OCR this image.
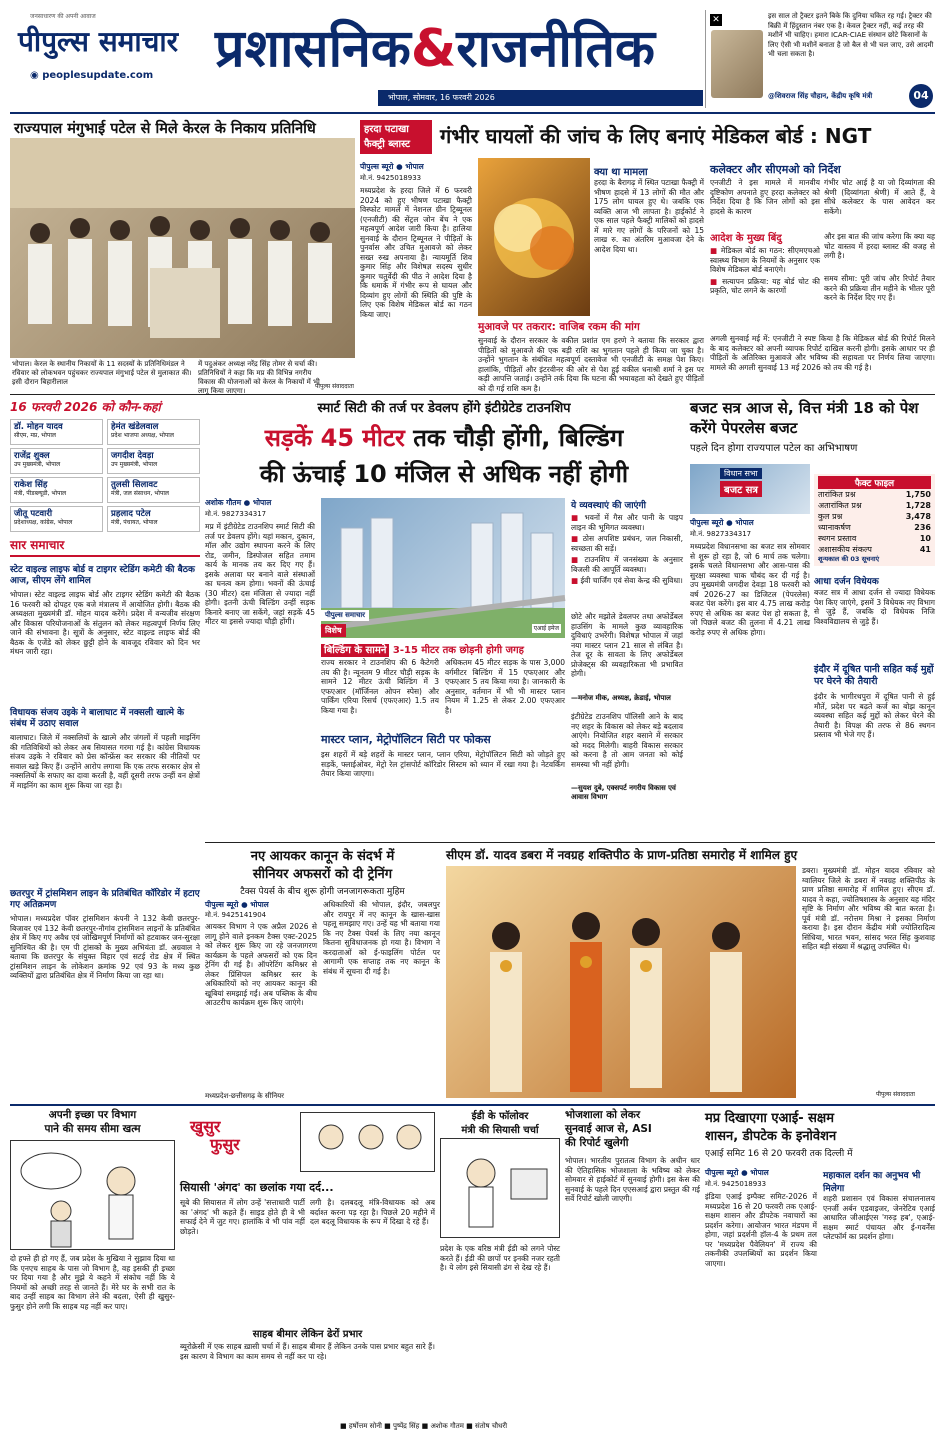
जनसाधारण की अपनी आवाज
पीपुल्स समाचार
◉ peoplesupdate.com प्रशासनिक&राजनीतिक
भोपाल, सोमवार, 16 फरवरी 2026
✕	इस साल तो ट्रैक्टर इतने बिके कि दुनिया चकित रह गई। ट्रैक्टर की बिक्री में हिंदुस्तान नंबर एक है। केवल ट्रैक्टर नहीं, कई तरह की मशीनें भी चाहिए। हमारा ICAR-CIAE संस्थान छोटे किसानों के लिए ऐसी भी मशीनें बनाता है जो बैल से भी चल जाए, उसे आदमी भी चला सकता है।
@शिवराज सिंह चौहान, केंद्रीय कृषि मंत्री	04
राज्यपाल मंगुभाई पटेल से मिले केरल के निकाय प्रतिनिधि
भोपाल। केरल के स्थानीय निकायों के 11 सदस्यों के प्रतिनिधिमंडल ने रविवार को लोकभवन पहुंचकर राज्यपाल मंगुभाई पटेल से मुलाकात की। इसी दौरान बिहारीलाल
में पदुअंकर अध्यक्ष नरेंद्र सिंह तोमर से चर्चा की। प्रतिनिधियों ने कहा कि मप्र की विभिन्न नगरीय विकास की योजनाओं को केरल के निकायों में भी लागू किया जाएगा।
पीपुल्स संवाददाता
हरदा पटाखा
फैक्ट्री ब्लास्ट	गंभीर घायलों की जांच के लिए बनाएं मेडिकल बोर्ड : NGT
पीपुल्स ब्यूरो ● भोपाल
मो.नं. 9425018933
मध्यप्रदेश के हरदा जिले में 6 फरवरी 2024 को हुए भीषण पटाखा फैक्ट्री विस्फोट मामले में नेशनल ग्रीन ट्रिब्यूनल (एनजीटी) की सेंट्रल जोन बेंच ने एक महत्वपूर्ण आदेश जारी किया है। हालिया सुनवाई के दौरान ट्रिब्यूनल ने पीड़ितों के पुनर्वास और उचित मुआवजे को लेकर सख्त रुख अपनाया है। न्यायमूर्ति शिव कुमार सिंह और विशेषज्ञ सदस्य सुधीर कुमार चतुर्वेदी की पीठ ने आदेश दिया है कि धमाके में गंभीर रूप से घायल और दिव्यांग हुए लोगों की स्थिति की पुष्टि के लिए एक विशेष मेडिकल बोर्ड का गठन किया जाए।
क्या था मामला
हरदा के बैरागढ़ में स्थित पटाखा फैक्ट्री में भीषण हादसे में 13 लोगों की मौत और 175 लोग घायल हुए थे। जबकि एक व्यक्ति आज भी लापता है। हाईकोर्ट ने एक साल पहले फैक्ट्री मालिकों को हादसे में मारे गए लोगों के परिजनों को 15 लाख रु. का अंतरिम मुआवजा देने के आदेश दिया था।
मुआवजे पर तकरार: वाजिब रकम की मांग
सुनवाई के दौरान सरकार के वकील प्रशांत एम हरणे ने बताया कि सरकार द्वारा पीड़ितों को मुआवजे की एक बड़ी राशि का भुगतान पहले ही किया जा चुका है। उन्होंने भुगतान के संबंधित महत्वपूर्ण दस्तावेज भी एनजीटी के समक्ष पेश किए। हालांकि, पीड़ितों और इंटरवीनर की ओर से पेश हुई वकील धनाश्री शर्मा ने इस पर कड़ी आपत्ति जताई। उन्होंने तर्क दिया कि घटना की भयावहता को देखते हुए पीड़ितों को दी गई राशि कम है।
कलेक्टर और सीएमओ को निर्देश
एनजीटी ने इस मामले में मानवीय दृष्टिकोण अपनाते हुए हरदा कलेक्टर को निर्देश दिया है कि जिन लोगों को इस हादसे के कारण
गंभीर चोट आई है या जो दिव्यांगता की श्रेणी (दिव्यांगता श्रेणी) में आते हैं, वे सीधे कलेक्टर के पास आवेदन कर सकेंगे।
आदेश के मुख्य बिंदु
■ मेडिकल बोर्ड का गठन: सीएमएचओ स्वास्थ्य विभाग के नियमों के अनुसार एक विशेष मेडिकल बोर्ड बनाएंगे।
■ सत्यापन प्रक्रिया: यह बोर्ड चोट की प्रकृति, चोट लगने के कारणों
और इस बात की जांच करेगा कि क्या यह चोट वास्तव में हरदा ब्लास्ट की वजह से लगी है।
समय सीमा: पूरी जांच और रिपोर्ट तैयार करने की प्रक्रिया तीन महीने के भीतर पूरी करने के निर्देश दिए गए हैं।
अगली सुनवाई मई में: एनजीटी ने स्पष्ट किया है कि मेडिकल बोर्ड की रिपोर्ट मिलने के बाद कलेक्टर को अपनी व्यापक रिपोर्ट दाखिल करनी होगी। इसके आधार पर ही पीड़ितों के अतिरिक्त मुआवजे और भविष्य की सहायता पर निर्णय लिया जाएगा। मामले की अगली सुनवाई 13 मई 2026 को तय की गई है।
16 फरवरी 2026 को कौन-कहां
डॉ. मोहन यादव
सीएम, मप्र, भोपाल
हेमंत खंडेलवाल
प्रदेश भाजपा अध्यक्ष, भोपाल
राजेंद्र शुक्ल
उप मुख्यमंत्री, भोपाल
जगदीश देवड़ा
उप मुख्यमंत्री, भोपाल
राकेश सिंह
मंत्री, पीडब्ल्यूडी, भोपाल
तुलसी सिलावट
मंत्री, जल संसाधन, भोपाल
जीतू पटवारी
प्रदेशाध्यक्ष, कांग्रेस, भोपाल
प्रहलाद पटेल
मंत्री, पंचायत, भोपाल
सार समाचार
स्टेट वाइल्ड लाइफ बोर्ड व टाइगर स्टेडिंग कमेटी की बैठक आज, सीएम लेंगे शामिल
भोपाल। स्टेट वाइल्ड लाइफ बोर्ड और टाइगर स्टेडिंग कमेटी की बैठक 16 फरवरी को दोपहर एक बजे मंत्रालय में आयोजित होगी। बैठक की अध्यक्षता मुख्यमंत्री डॉ. मोहन यादव करेंगे। प्रदेश में वन्यजीव संरक्षण और विकास परियोजनाओं के संतुलन को लेकर महत्वपूर्ण निर्णय लिए जाने की संभावना है। सूत्रों के अनुसार, स्टेट वाइल्ड लाइफ बोर्ड की बैठक के एजेंडे को लेकर छुट्टी होने के बावजूद रविवार को दिन भर मंथन जारी रहा।
विधायक संजय उइके ने बालाघाट में नक्सली खात्मे के संबंध में उठाए सवाल
बालाघाट। जिले में नक्सलियों के खात्मे और जंगलों में पहली माइनिंग की गतिविधियों को लेकर अब सियासत गरमा गई है। कांग्रेस विधायक संजय उइके ने रविवार को प्रेस कॉन्फ्रेंस कर सरकार की नीतियों पर सवाल खड़े किए हैं। उन्होंने आरोप लगाया कि एक तरफ सरकार क्षेत्र से नक्सलियों के सफाए का दावा करती है, वहीं दूसरी तरफ उन्हीं वन क्षेत्रों में माइनिंग का काम शुरू किया जा रहा है।
छतरपुर में ट्रांसमिशन लाइन के प्रतिबंधित कॉरिडोर में हटाए गए अतिक्रमण
भोपाल। मध्यप्रदेश पॉवर ट्रांसमिशन कंपनी ने 132 केवी छतरपुर-बिजावर एवं 132 केवी छतरपुर-नौगांव ट्रांसमिशन लाइनों के प्रतिबंधित क्षेत्र में किए गए अवैध एवं जोखिमपूर्ण निर्माणों को हटवाकर जन-सुरक्षा सुनिश्चित की है। एम पी ट्रांसको के मुख्य अभियंता डॉ. अग्रवाल ने बताया कि छतरपुर के संयुक्त विहार एवं सटई रोड क्षेत्र में स्थित ट्रांसमिशन लाइन के लोकेशन क्रमांक 92 एवं 93 के मध्य कुछ व्यक्तियों द्वारा प्रतिबंधित क्षेत्र में निर्माण किया जा रहा था।
स्मार्ट सिटी की तर्ज पर डेवलप होंगे इंटीग्रेटेड टाउनशिप
सड़कें 45 मीटर तक चौड़ी होंगी, बिल्डिंग
की ऊंचाई 10 मंजिल से अधिक नहीं होगी
अशोक गौतम ● भोपाल
मो.नं. 9827334317
मप्र में इंटीग्रेटेड टाउनशिप स्मार्ट सिटी की तर्ज पर डेवलप होंगे। यहां मकान, दुकान, मॉल और उद्योग स्थापना करने के लिए रोड, जमीन, डिस्पोजल सहित तमाम कार्य के मानक तय कर दिए गए हैं। इसके अलावा घर बनाने वाले संस्थाओं का घनत्व कम होगा। भवनों की ऊंचाई (30 मीटर) दस मंजिला से ज्यादा नहीं होगी। इतनी ऊंची बिल्डिंग उन्हीं सड़क किनारे बनाए जा सकेंगे, जहां सड़कें 45 मीटर या इससे ज्यादा चौड़ी होंगी।
पीपुल्स समाचार
विशेष	एआई इमेज
बिल्डिंग के सामने 3-15 मीटर तक छोड़नी होगी जगह
राज्य सरकार ने टाउनशिप की 6 कैटेगरी तय की है। न्यूनतम 9 मीटर चौड़ी सड़क के सामने 12 मीटर ऊंची बिल्डिंग में 3 एफएआर (मॉर्जिनल ओपन स्पेस) और पार्किंग एरिया रिसर्च (एफएआर) 1.5 तय किया गया है।
अधिकतम 45 मीटर सड़क के पास 3,000 वर्गमीटर बिल्डिंग में 15 एफएआर और एफएआर 5 तय किया गया है। जानकारी के अनुसार, वर्तमान में भी भी मास्टर प्लान नियम में 1.25 से लेकर 2.00 एफएआर है।
ये व्यवस्थाएं की जाएंगी
■ भवनों में गैस और पानी के पाइप लाइन की भूमिगत व्यवस्था।
■ ठोस अपशिष्ट प्रबंधन, जल निकासी, स्वच्छता की सड़ें।
■ टाउनशिप में जनसंख्या के अनुसार बिजली की आपूर्ति व्यवस्था।
■ ईवी चार्जिंग एवं सेवा केन्द्र की सुविधा।
छोटे और मझोले डेवलपर तथा अफोर्डेबल हाउसिंग के मामले कुछ व्यावहारिक दुविधाएं उभरेंगी। विशेषज्ञ भोपाल में जहां नया मास्टर प्लान 21 साल से लंबित है। तेज दूर के सावता के लिए अफोर्डेबल प्रोजेक्ट्स की व्यवहारिकता भी प्रभावित होगी।
—मनोज मीक, अध्यक्ष, क्रेडाई, भोपाल
इंटीग्रेटेड टाउनशिप पॉलिसी आने के बाद नए शहर के विकास को लेकर बड़े बदलाव आएंगे। नियोजित शहर बसाने में सरकार को मदद मिलेगी। बाहरी विकास सरकार को करना है तो आम जनता को कोई समस्या भी नहीं होगी।
—सुयश दुबे, एक्सपर्ट नगरीय विकास एवं आवास विभाग
मास्टर प्लान, मेट्रोपॉलिटन सिटी पर फोकस
इस शहरों में बड़े शहरों के मास्टर प्लान, प्लान एरिया, मेट्रोपॉलिटन सिटी को जोड़ते हुए सड़कें, फ्लाईओवर, मेट्रो रेल ट्रांसपोर्ट कॉरिडोर सिस्टम को ध्यान में रखा गया है। नेटवर्किंग तैयार किया जाएगा।
बजट सत्र आज से, वित्त मंत्री 18 को पेश करेंगे पेपरलेस बजट
पहले दिन होगा राज्यपाल पटेल का अभिभाषण
विधान सभा
बजट सत्र
पीपुल्स ब्यूरो ● भोपाल
मो.नं. 9827334317
मध्यप्रदेश विधानसभा का बजट सत्र सोमवार से शुरू हो रहा है, जो 6 मार्च तक चलेगा। इसके चलते विधानसभा और आस-पास की सुरक्षा व्यवस्था चाक चौबंद कर दी गई है। उप मुख्यमंत्री जगदीश देवड़ा 18 फरवरी को वर्ष 2026-27 का डिजिटल (पेपरलेस) बजट पेश करेंगे। इस बार 4.75 लाख करोड़ रुपए से अधिक का बजट पेश हो सकता है, जो पिछले बजट की तुलना में 4.21 लाख करोड़ रुपए से अधिक होगा।
फैक्ट फाइल
तारांकित प्रश्न	1,750
अतारांकित प्रश्न	1,728
कुल प्रश्न	3,478
ध्यानाकर्षण	236
स्थगन प्रस्ताव	10
अशासकीय संकल्प	41
शून्यकाल की 03 सूचनाएं
आधा दर्जन विधेयक
बजट सत्र में आधा दर्जन से ज्यादा विधेयक पेश किए जाएंगे, इसमें 3 विधेयक नए विभाग से जुड़े हैं, जबकि दो विधेयक निजि विश्वविद्यालय से जुड़े हैं।
इंदौर में दूषित पानी सहित कई मुद्दों पर घेरने की तैयारी
इंदौर के भागीरथपुरा में दूषित पानी से हुई मौतें, प्रदेश पर बढ़ते कर्ज का बोझ कानून व्यवस्था सहित कई मुद्दों को लेकर घेरने की तैयारी है। विपक्ष की तरफ से 86 स्थगन प्रस्ताव भी भेजे गए हैं।
नए आयकर कानून के संदर्भ में
सीनियर अफसरों को दी ट्रेनिंग
टैक्स पेयर्स के बीच शुरू होगी जनजागरूकता मुहिम
पीपुल्स ब्यूरो ● भोपाल
मो.नं. 9425141904
आयकर विभाग ने एक अप्रैल 2026 से लागू होने वाले इनकम टैक्स एक्ट-2025 को लेकर शुरू किए जा रहे जनजागरण कार्यक्रम के पहले अफसरों को एक दिन ट्रेनिंग दी गई है। ऑपरेटिंग कमिश्नर से लेकर प्रिंसिपल कमिश्नर स्तर के अधिकारियों को नए आयकर कानून की खूबियां समझाई गईं। अब पब्लिक के बीच आउटरीच कार्यक्रम शुरू किए जाएंगे।
अधिकारियों की भोपाल, इंदौर, जबलपुर और रायपुर में नए कानून के खास-खास पहलू समझाए गए। उन्हें यह भी बताया गया कि नए टैक्स पेयर्स के लिए नया कानून कितना सुविधाजनक हो गया है। विभाग ने करदाताओं को ई-फाइलिंग पोर्टल पर आगामी एक सप्ताह तक नए कानून के संबंध में सूचना दी गई है।
मध्यप्रदेश-छत्तीसगढ़ के सीनियर
सीएम डॉ. यादव डबरा में नवग्रह शक्तिपीठ के प्राण-प्रतिष्ठा समारोह में शामिल हुए
डबरा। मुख्यमंत्री डॉ. मोहन यादव रविवार को ग्वालियर जिले के डबरा में नवग्रह शक्तिपीठ के प्राण प्रतिष्ठा समारोह में शामिल हुए। सीएम डॉ. यादव ने कहा, ज्योतिषशास्त्र के अनुसार यह मंदिर सृष्टि के निर्माण और भविष्य की बात करता है। पूर्व मंत्री डॉ. नरोत्तम मिश्रा ने इसका निर्माण कराया है। इस दौरान केंद्रीय मंत्री ज्योतिरादित्य सिंधिया, भारत भवन, सांसद भरत सिंह कुशवाह सहित बड़ी संख्या में श्रद्धालु उपस्थित थे।
पीपुल्स संवाददाता
अपनी इच्छा पर विभाग
पाने की समय सीमा खत्म
दो हफ्ते ही हो गए हैं, जब प्रदेश के मुखिया ने सुझाव दिया था कि एनएच साहब के पास जो विभाग है, वह इसकी ही इच्छा पर दिया गया है और मुझे ये कहने में संकोच नहीं कि ये नियमों को अच्छी तरह से जानते हैं। मेरे घर के सभी रात के बाद उन्हीं साहब का विभाग लेने की बदला, ऐसी ही खुसुर-फुसुर होने लगी कि साहब यह नहीं कर पाए।
खुसुर
फुसुर
सियासी 'अंगद' का छलांक गया दर्द...
सूबे की सियासत में लोग उन्हें 'सत्ताधारी पार्टी का 'अंगद' भी कहते हैं। साइड होते ही वे भी सफाई देने में जुट गए। हालांकि वे भी पांव नहीं छोड़ते।
लगी है। दलबदलू मंत्रि-विधायक को अब बर्दाश्त करना पड़ रहा है। पिछले 20 महीने में दल बदलू विधायक के रूप में दिखा दे रहे हैं।
साहब बीमार लेकिन ढेरों प्रभार
ब्यूरोक्रेसी में एक साहब ख़ासी चर्चा में हैं। साहब बीमार हैं लेकिन उनके पास प्रभार बहुत सारे हैं। इस कारण वे विभाग का काम समय से नहीं कर पा रहे।
ईडी के फॉलोवर
मंत्री की सियासी चर्चा
प्रदेश के एक वरिष्ठ मंत्री ईडी को लगने पोस्ट करते हैं। ईडी की छापों पर इनकी नजर रहती है। ये लोग इसे सियासी ढंग से देख रहे हैं।
■ हर्षोत्तम सोनी ■ पुष्पेंद्र सिंह ■ अशोक गौतम ■ संतोष चौधरी
भोजशाला को लेकर
सुनवाई आज से, ASI
की रिपोर्ट खुलेगी
भोपाल। भारतीय पुरातत्व विभाग के अधीन धार की ऐतिहासिक भोजशाला के भविष्य को लेकर सोमवार से हाईकोर्ट में सुनवाई होगी। इस केस की सुनवाई के पहले दिन एएसआई द्वारा प्रस्तुत की गई सर्वे रिपोर्ट खोली जाएगी।
मप्र दिखाएगा एआई- सक्षम
शासन, डीपटेक के इनोवेशन
एआई समिट 16 से 20 फरवरी तक दिल्ली में
पीपुल्स ब्यूरो ● भोपाल
मो.नं. 9425018933
इंडिया एआई इम्पैक्ट समिट-2026 में मध्यप्रदेश 16 से 20 फरवरी तक एआई-सक्षम शासन और डीपटेक नवाचारों का प्रदर्शन करेगा। आयोजन भारत मंडपम में होगा, जहां प्रदर्शनी हॉल-4 के प्रथम तल पर 'मध्यप्रदेश पैवेलियन' में राज्य की तकनीकी उपलब्धियों का प्रदर्शन किया जाएगा।
महाकाल दर्शन का अनुभव भी मिलेगा
शहरी प्रशासन एवं विकास संचालनालय एनर्जी अर्बन एडवाइजर, जेनरेटिव एआई आधारित जीआईएस 'गरुड़ हब', एआई-सक्षम स्मार्ट पंचायत और ई-गवर्नेंस प्लेटफॉर्म का प्रदर्शन होगा।
